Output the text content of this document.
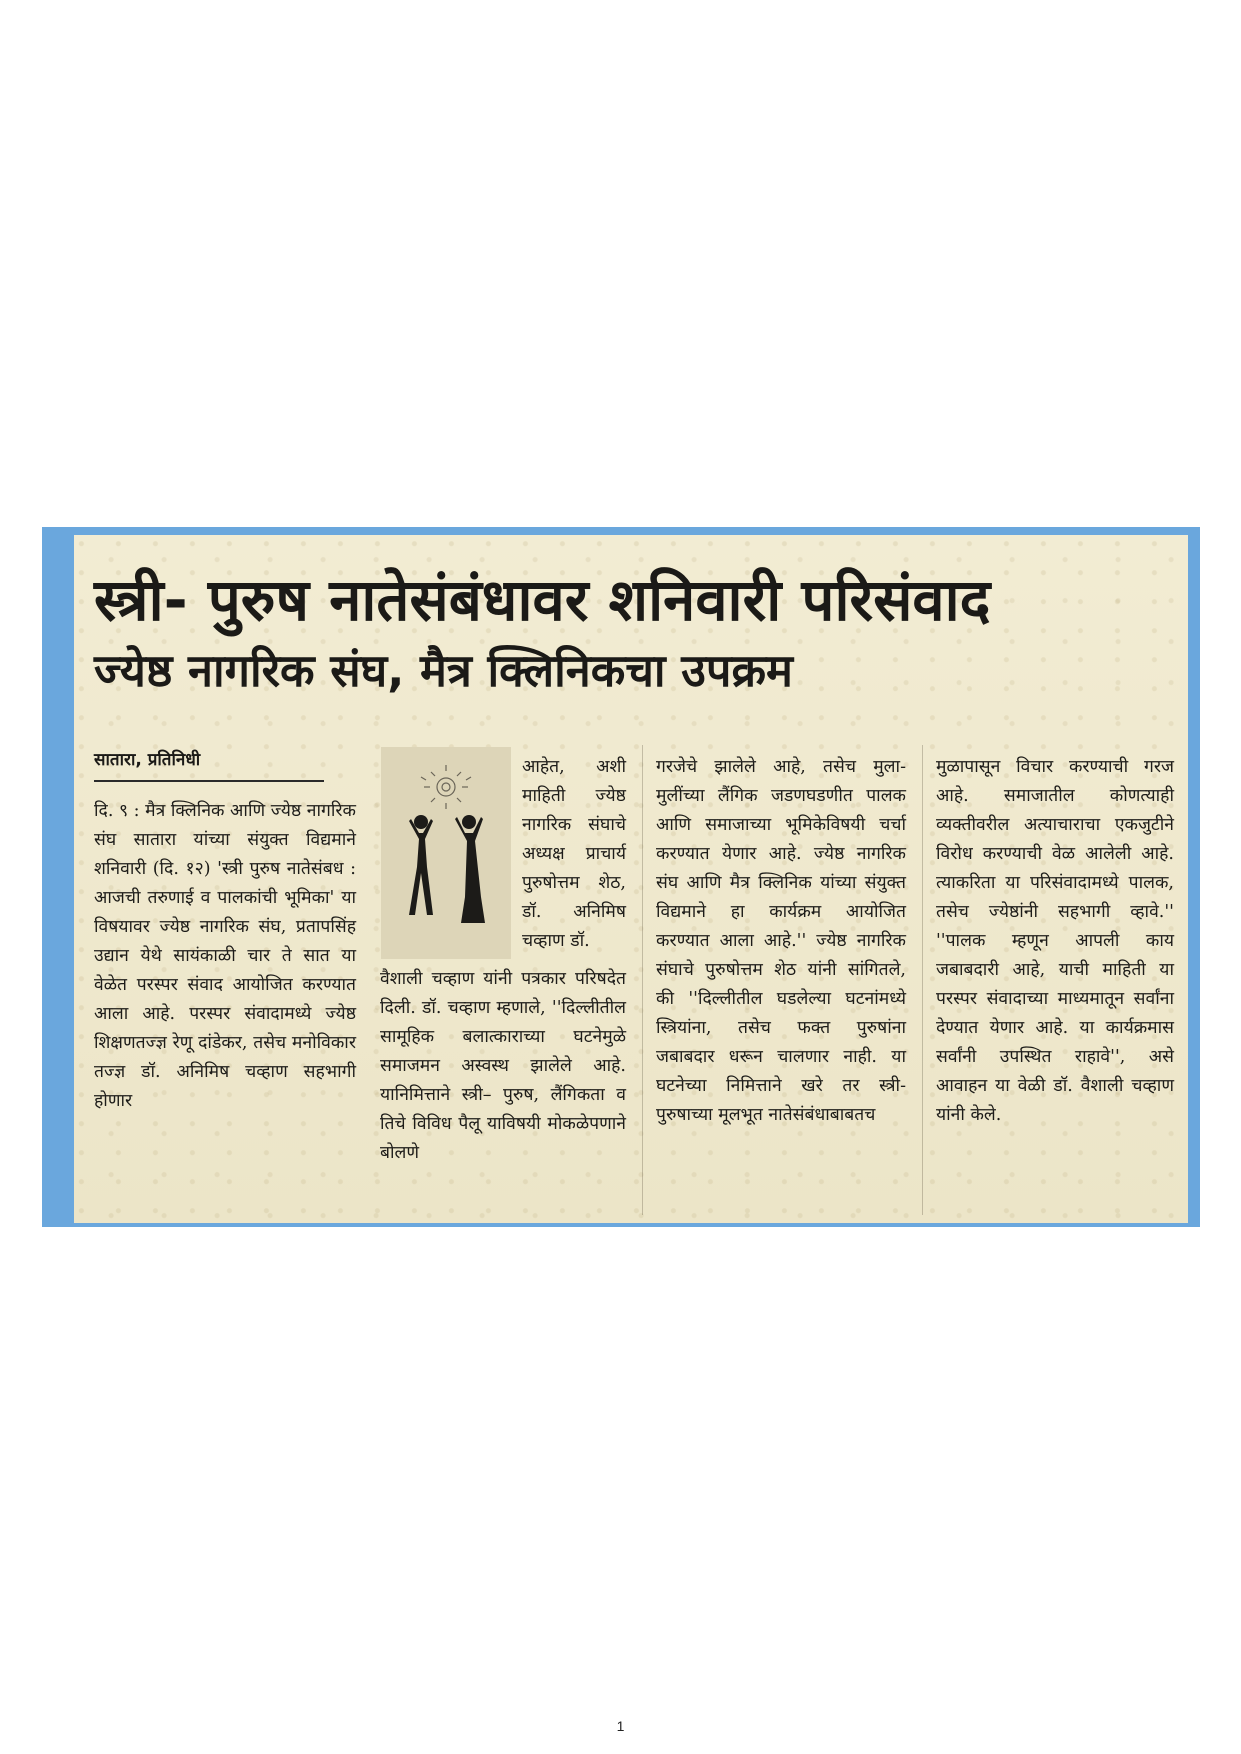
स्त्री- पुरुष नातेसंबंधावर शनिवारी परिसंवाद
ज्येष्ठ नागरिक संघ, मैत्र क्लिनिकचा उपक्रम
सातारा, प्रतिनिधी
दि. ९ : मैत्र क्लिनिक आणि ज्येष्ठ नागरिक संघ सातारा यांच्या संयुक्त विद्यमाने शनिवारी (दि. १२) 'स्त्री पुरुष नातेसंबध : आजची तरुणाई व पालकांची भूमिका' या विषयावर ज्येष्ठ नागरिक संघ, प्रतापसिंह उद्यान येथे सायंकाळी चार ते सात या वेळेत परस्पर संवाद आयोजित करण्यात आला आहे. परस्पर संवादामध्ये ज्येष्ठ शिक्षणतज्ज्ञ रेणू दांडेकर, तसेच मनोविकार तज्ज्ञ डॉ. अनिमिष चव्हाण सहभागी होणार
आहेत, अशी माहिती ज्येष्ठ नागरिक संघाचे अध्यक्ष प्राचार्य पुरुषोत्तम शेठ, डॉ. अनिमिष चव्हाण डॉ.
वैशाली चव्हाण यांनी पत्रकार परिषदेत दिली. डॉ. चव्हाण म्हणाले, ''दिल्लीतील सामूहिक बलात्काराच्या घटनेमुळे समाजमन अस्वस्थ झालेले आहे. यानिमित्ताने स्त्री– पुरुष, लैंगिकता व तिचे विविध पैलू याविषयी मोकळेपणाने बोलणे
गरजेचे झालेले आहे, तसेच मुला-मुलींच्या लैंगिक जडणघडणीत पालक आणि समाजाच्या भूमिकेविषयी चर्चा करण्यात येणार आहे. ज्येष्ठ नागरिक संघ आणि मैत्र क्लिनिक यांच्या संयुक्त विद्यमाने हा कार्यक्रम आयोजित करण्यात आला आहे.'' ज्येष्ठ नागरिक संघाचे पुरुषोत्तम शेठ यांनी सांगितले, की ''दिल्लीतील घडलेल्या घटनांमध्ये स्त्रियांना, तसेच फक्त पुरुषांना जबाबदार धरून चालणार नाही. या घटनेच्या निमित्ताने खरे तर स्त्री- पुरुषाच्या मूलभूत नातेसंबंधाबाबतच
मुळापासून विचार करण्याची गरज आहे. समाजातील कोणत्याही व्यक्तीवरील अत्याचाराचा एकजुटीने विरोध करण्याची वेळ आलेली आहे. त्याकरिता या परिसंवादामध्ये पालक, तसेच ज्येष्ठांनी सहभागी व्हावे.'' ''पालक म्हणून आपली काय जबाबदारी आहे, याची माहिती या परस्पर संवादाच्या माध्यमातून सर्वांना देण्यात येणार आहे. या कार्यक्रमास सर्वांनी उपस्थित राहावे'', असे आवाहन या वेळी डॉ. वैशाली चव्हाण यांनी केले.
1
